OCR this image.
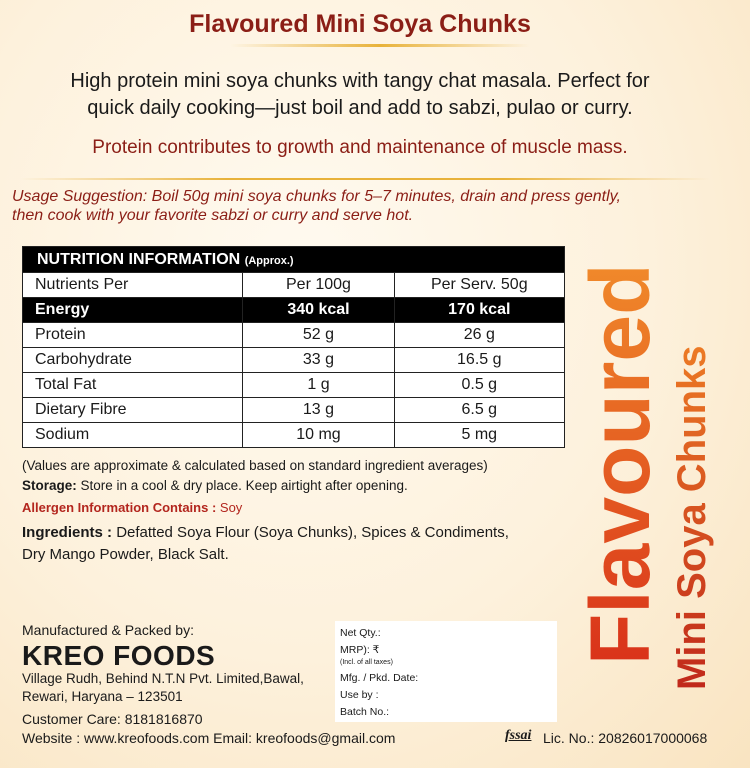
Flavoured Mini Soya Chunks
High protein mini soya chunks with tangy chat masala. Perfect for
quick daily cooking—just boil and add to sabzi, pulao or curry.
Protein contributes to growth and maintenance of muscle mass.
Usage Suggestion: Boil 50g mini soya chunks for 5–7 minutes, drain and press gently,
then cook with your favorite sabzi or curry and serve hot.
NUTRITION INFORMATION (Approx.)		
Nutrients Per	Per 100g	Per Serv. 50g
Energy	340 kcal	170 kcal
Protein	52 g	26 g
Carbohydrate	33 g	16.5 g
Total Fat	1 g	0.5 g
Dietary Fibre	13 g	6.5 g
Sodium	10 mg	5 mg
(Values are approximate & calculated based on standard ingredient averages)
Storage: Store in a cool & dry place. Keep airtight after opening.
Allergen Information Contains : Soy
Ingredients : Defatted Soya Flour (Soya Chunks), Spices & Condiments,
Dry Mango Powder, Black Salt.	Flavoured Mini Soya Chunks
Manufactured & Packed by:
KREO FOODS
Village Rudh, Behind N.T.N Pvt. Limited,Bawal,
Rewari, Haryana – 123501
Customer Care: 8181816870
Website : www.kreofoods.com Email: kreofoods@gmail.com
Net Qty.:
MRP): ₹
(Incl. of all taxes)
Mfg. / Pkd. Date:
Use by :
Batch No.:
fssai Lic. No.: 20826017000068
